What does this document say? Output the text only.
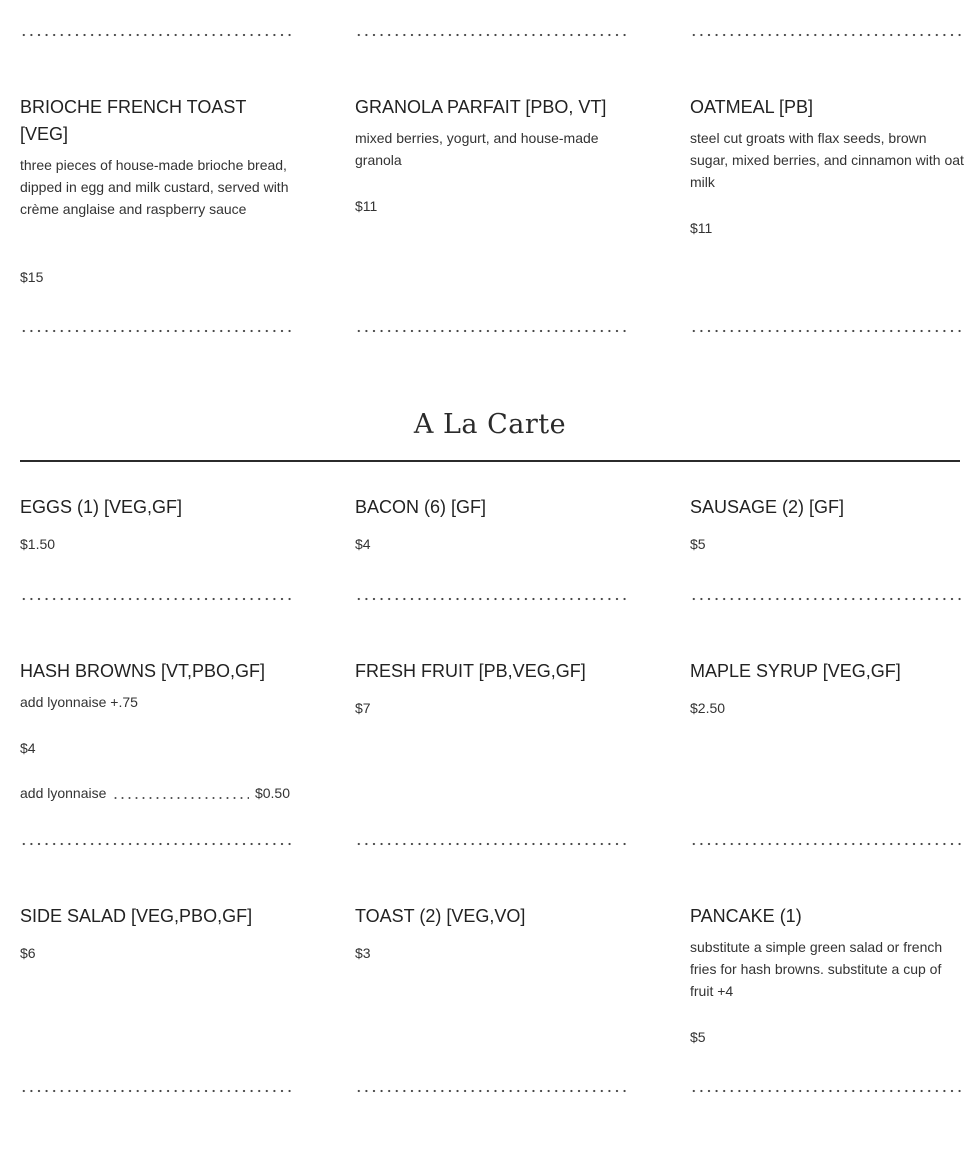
BRIOCHE FRENCH TOAST [VEG]

three pieces of house-made brioche bread, dipped in egg and milk custard, served with crème anglaise and raspberry sauce

$15
GRANOLA PARFAIT [PBO, VT]

mixed berries, yogurt, and house-made granola

$11
OATMEAL [PB]

steel cut groats with flax seeds, brown sugar, mixed berries, and cinnamon with oat milk

$11
A La Carte
EGGS (1) [VEG,GF]
$1.50
BACON (6) [GF]
$4
SAUSAGE (2) [GF]
$5
HASH BROWNS [VT,PBO,GF]

add lyonnaise +.75

$4
add lyonnaise	$0.50
FRESH FRUIT [PB,VEG,GF]
$7
MAPLE SYRUP [VEG,GF]
$2.50
SIDE SALAD [VEG,PBO,GF]
$6
TOAST (2) [VEG,VO]
$3
PANCAKE (1)

substitute a simple green salad or french fries for hash browns. substitute a cup of fruit +4

$5
